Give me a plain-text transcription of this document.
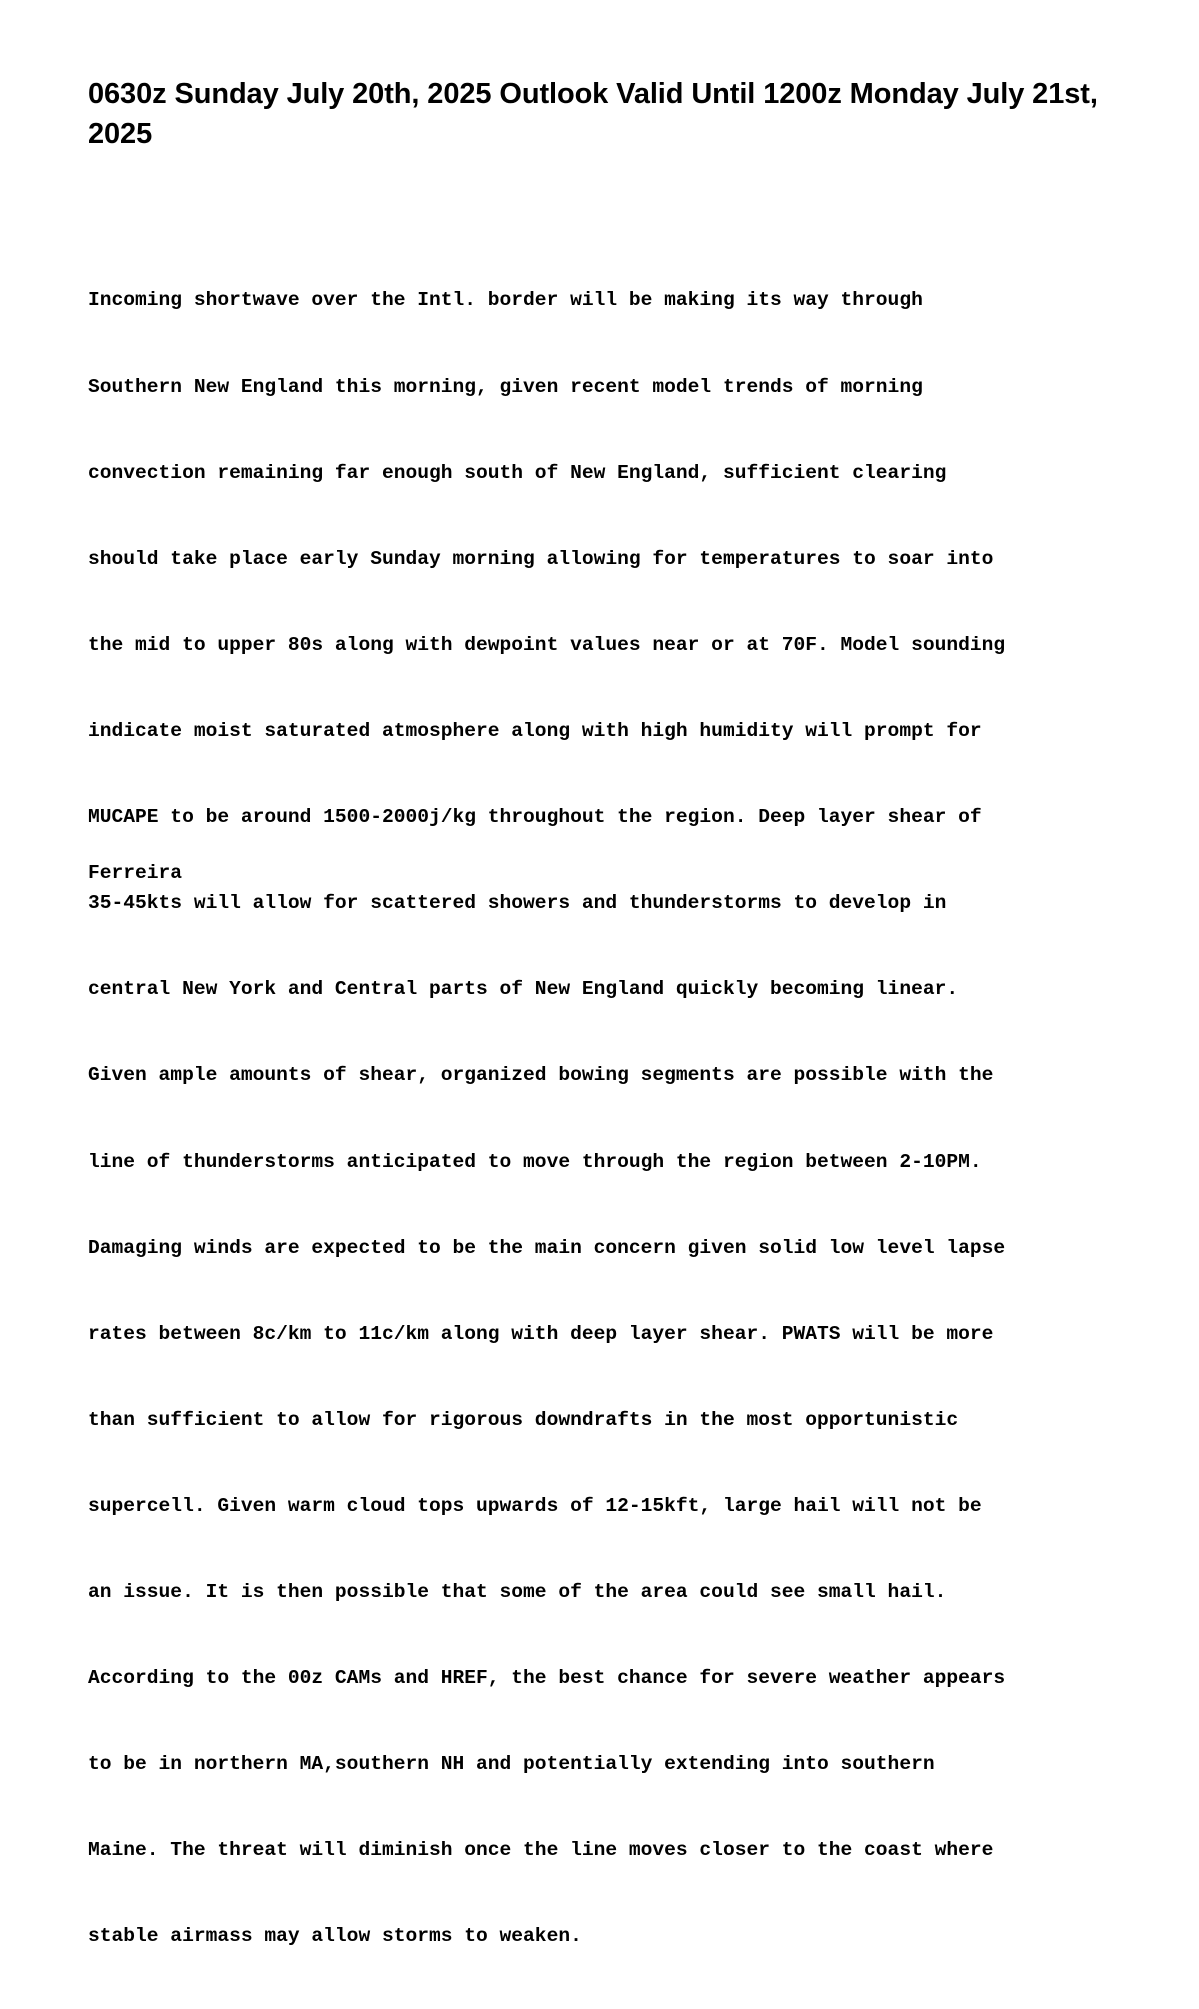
0630z Sunday July 20th, 2025 Outlook Valid Until 1200z Monday July 21st, 2025

Incoming shortwave over the Intl. border will be making its way through

Southern New England this morning, given recent model trends of morning

convection remaining far enough south of New England, sufficient clearing

should take place early Sunday morning allowing for temperatures to soar into

the mid to upper 80s along with dewpoint values near or at 70F. Model sounding

indicate moist saturated atmosphere along with high humidity will prompt for

MUCAPE to be around 1500-2000j/kg throughout the region. Deep layer shear of

35-45kts will allow for scattered showers and thunderstorms to develop in

central New York and Central parts of New England quickly becoming linear.

Given ample amounts of shear, organized bowing segments are possible with the

line of thunderstorms anticipated to move through the region between 2-10PM.

Damaging winds are expected to be the main concern given solid low level lapse

rates between 8c/km to 11c/km along with deep layer shear. PWATS will be more

than sufficient to allow for rigorous downdrafts in the most opportunistic

supercell. Given warm cloud tops upwards of 12-15kft, large hail will not be

an issue. It is then possible that some of the area could see small hail.

According to the 00z CAMs and HREF, the best chance for severe weather appears

to be in northern MA,southern NH and potentially extending into southern

Maine. The threat will diminish once the line moves closer to the coast where

stable airmass may allow storms to weaken.

Ferreira
